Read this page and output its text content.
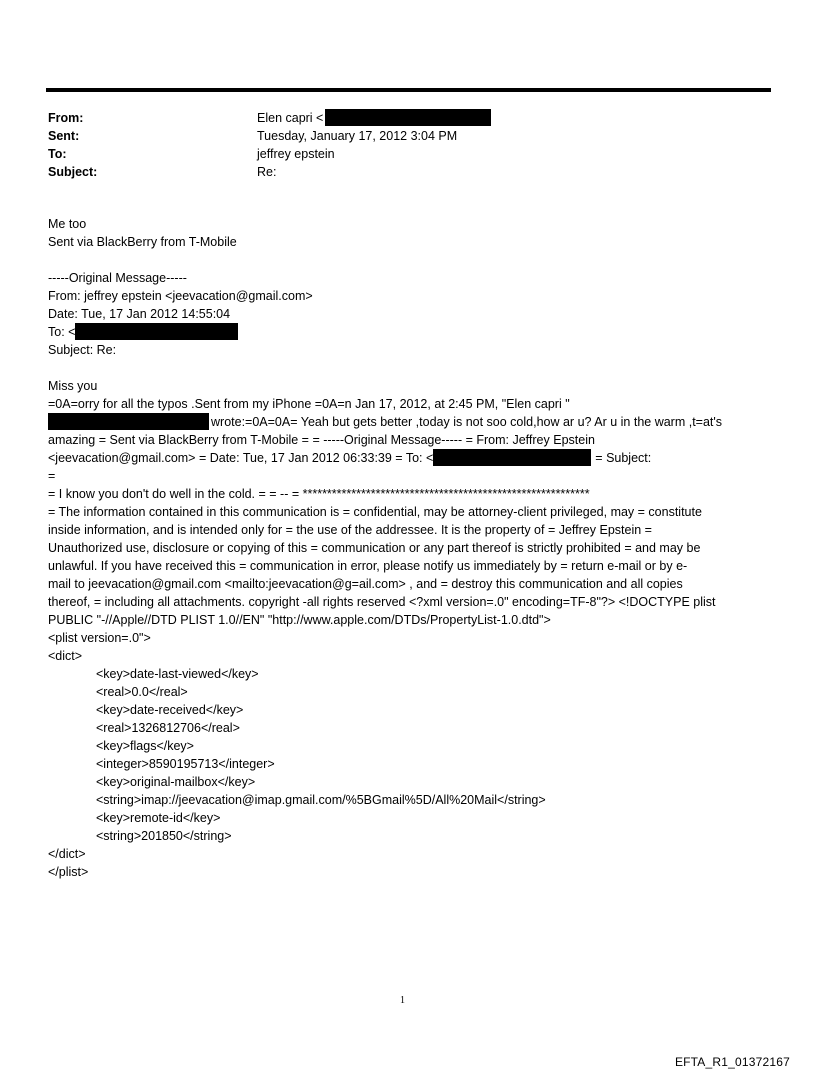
From:	Elen capri <
Sent:	Tuesday, January 17, 2012 3:04 PM
To:	jeffrey epstein
Subject:	Re:
Me too
Sent via BlackBerry from T-Mobile
-----Original Message-----
From: jeffrey epstein <jeevacation@gmail.com>
Date: Tue, 17 Jan 2012 14:55:04
To: <
Subject: Re:
Miss you
=0A=orry for all the typos .Sent from my iPhone =0A=n Jan 17, 2012, at 2:45 PM, "Elen capri "
wrote:=0A=0A= Yeah but gets better ,today is not soo cold,how ar u? Ar u in the warm ,t=at's
amazing = Sent via BlackBerry from T-Mobile = = -----Original Message----- = From: Jeffrey Epstein
<jeevacation@gmail.com> = Date: Tue, 17 Jan 2012 06:33:39 = To: <	= Subject:
=
= I know you don't do well in the cold. = = -- = ***********************************************************
= The information contained in this communication is = confidential, may be attorney-client privileged, may = constitute
inside information, and is intended only for = the use of the addressee. It is the property of = Jeffrey Epstein =
Unauthorized use, disclosure or copying of this = communication or any part thereof is strictly prohibited = and may be
unlawful. If you have received this = communication in error, please notify us immediately by = return e-mail or by e-
mail to jeevacation@gmail.com <mailto:jeevacation@g=ail.com> , and = destroy this communication and all copies
thereof, = including all attachments. copyright -all rights reserved <?xml version=.0" encoding=TF-8"?> <!DOCTYPE plist
PUBLIC "-//Apple//DTD PLIST 1.0//EN" "http://www.apple.com/DTDs/PropertyList-1.0.dtd">
<plist version=.0">
<dict>
<key>date-last-viewed</key>
<real>0.0</real>
<key>date-received</key>
<real>1326812706</real>
<key>flags</key>
<integer>8590195713</integer>
<key>original-mailbox</key>
<string>imap://jeevacation@imap.gmail.com/%5BGmail%5D/All%20Mail</string>
<key>remote-id</key>
<string>201850</string>
</dict>
</plist>
1
EFTA_R1_01372167
